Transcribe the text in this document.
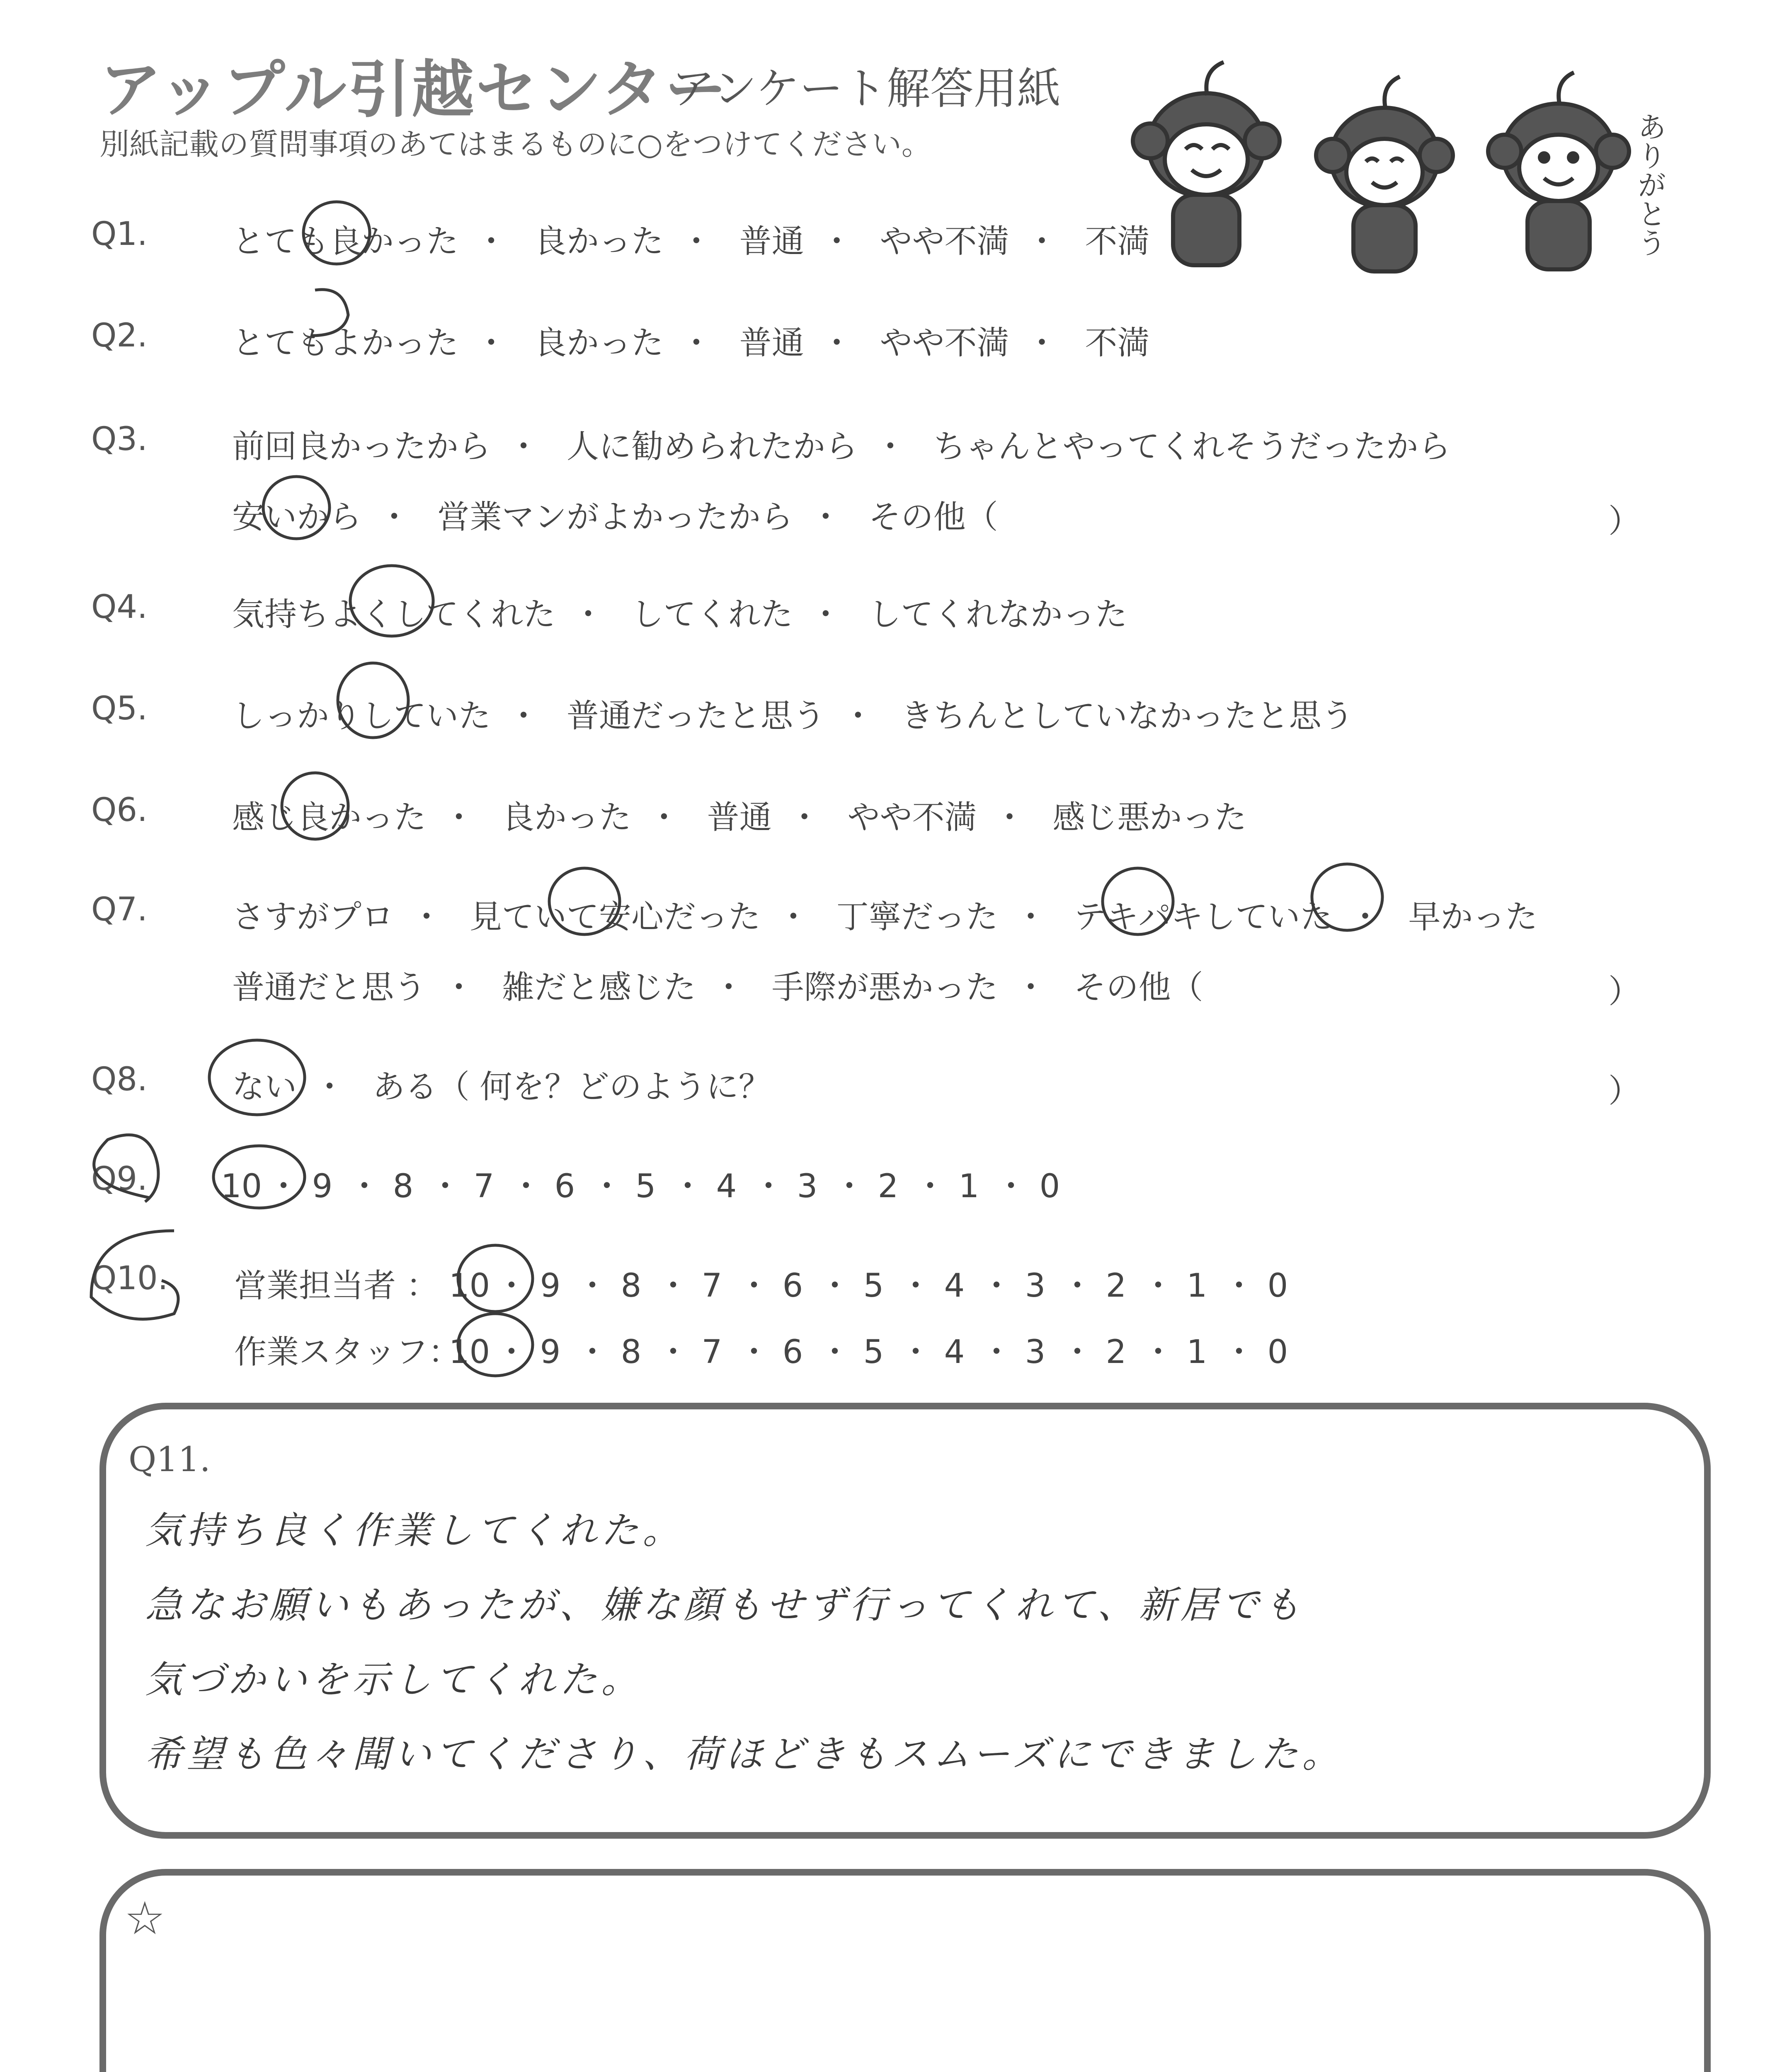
アップル引越センター
アンケート解答用紙
別紙記載の質問事項のあてはまるものに○をつけてください。	ありがとう
Q1.	とても良かった ・ 良かった ・ 普通 ・ やや不満 ・ 不満
Q2.	とてもよかった ・ 良かった ・ 普通 ・ やや不満 ・ 不満
Q3.	前回良かったから ・ 人に勧められたから ・ ちゃんとやってくれそうだったから
安いから ・ 営業マンがよかったから ・ その他（	）
Q4.	気持ちよくしてくれた ・ してくれた ・ してくれなかった
Q5.	しっかりしていた ・ 普通だったと思う ・ きちんとしていなかったと思う
Q6.	感じ良かった ・ 良かった ・ 普通 ・ やや不満 ・ 感じ悪かった
Q7.	さすがプロ ・ 見ていて安心だった ・ 丁寧だった ・ テキパキしていた ・ 早かった
普通だと思う ・ 雑だと感じた ・ 手際が悪かった ・ その他（	）
Q8.	ない ・ ある（ 何を？どのように？	）
Q9. 10 ・ 9 ・ 8 ・ 7 ・ 6 ・ 5 ・ 4 ・ 3 ・ 2 ・ 1 ・ 0
Q10. 営業担当者 ： 10 ・ 9 ・ 8 ・ 7 ・ 6 ・ 5 ・ 4 ・ 3 ・ 2 ・ 1 ・ 0
作業スタッフ：
10 ・ 9 ・ 8 ・ 7 ・ 6 ・ 5 ・ 4 ・ 3 ・ 2 ・ 1 ・ 0
Q11.
気持ち良く作業してくれた。
急なお願いもあったが、嫌な顔もせず行ってくれて、新居でも
気づかいを示してくれた。
希望も色々聞いてくださり、荷ほどきもスムーズにできました。
☆
